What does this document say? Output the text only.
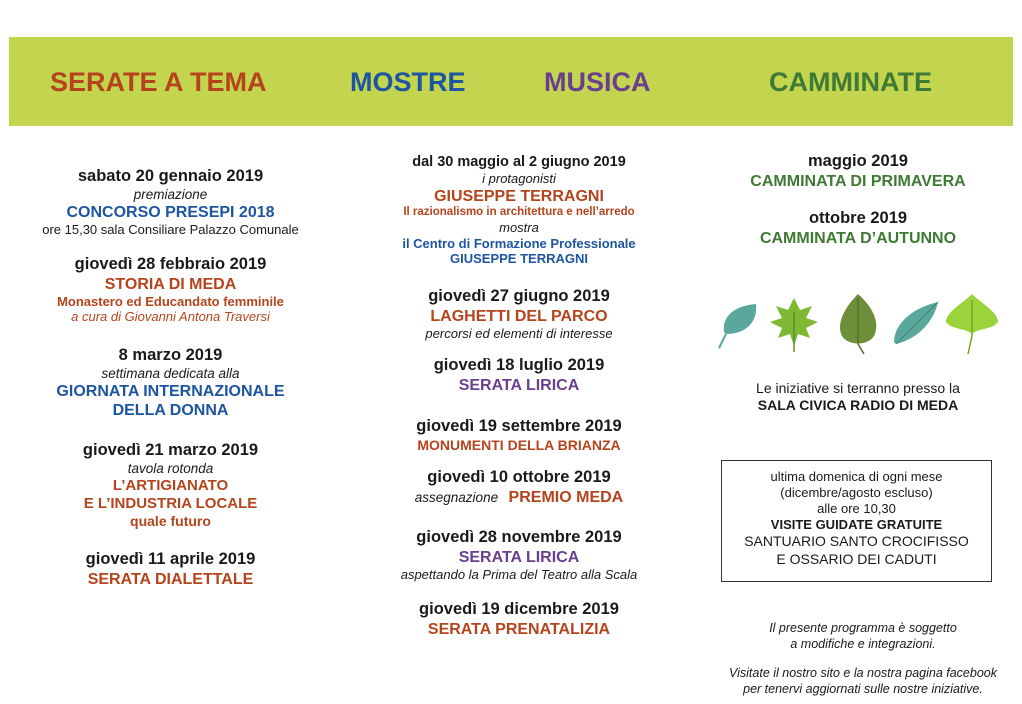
SERATE A TEMA	MOSTRE	MUSICA	CAMMINATE
sabato 20 gennaio 2019
premiazione
CONCORSO PRESEPI 2018
ore 15,30 sala Consiliare Palazzo Comunale
giovedì 28 febbraio 2019
STORIA DI MEDA
Monastero ed Educandato femminile
a cura di Giovanni Antona Traversi
8 marzo 2019
settimana dedicata alla
GIORNATA INTERNAZIONALE
DELLA DONNA
giovedì 21 marzo 2019
tavola rotonda
L’ARTIGIANATO
E L’INDUSTRIA LOCALE
quale futuro
giovedì 11 aprile 2019
SERATA DIALETTALE
dal 30 maggio al 2 giugno 2019
i protagonisti
GIUSEPPE TERRAGNI
Il razionalismo in architettura e nell’arredo
mostra
il Centro di Formazione Professionale
GIUSEPPE TERRAGNI
giovedì 27 giugno 2019
LAGHETTI DEL PARCO
percorsi ed elementi di interesse
giovedì 18 luglio 2019
SERATA LIRICA
giovedì 19 settembre 2019
MONUMENTI DELLA BRIANZA
giovedì 10 ottobre 2019
assegnazione PREMIO MEDA
giovedì 28 novembre 2019
SERATA LIRICA
aspettando la Prima del Teatro alla Scala
giovedì 19 dicembre 2019
SERATA PRENATALIZIA
maggio 2019
CAMMINATA DI PRIMAVERA
ottobre 2019
CAMMINATA D’AUTUNNO
Le iniziative si terranno presso la
SALA CIVICA RADIO DI MEDA
ultima domenica di ogni mese
(dicembre/agosto escluso)
alle ore 10,30
VISITE GUIDATE GRATUITE
SANTUARIO SANTO CROCIFISSO
E OSSARIO DEI CADUTI
Il presente programma è soggetto
a modifiche e integrazioni.
Visitate il nostro sito e la nostra pagina facebook
per tenervi aggiornati sulle nostre iniziative.
